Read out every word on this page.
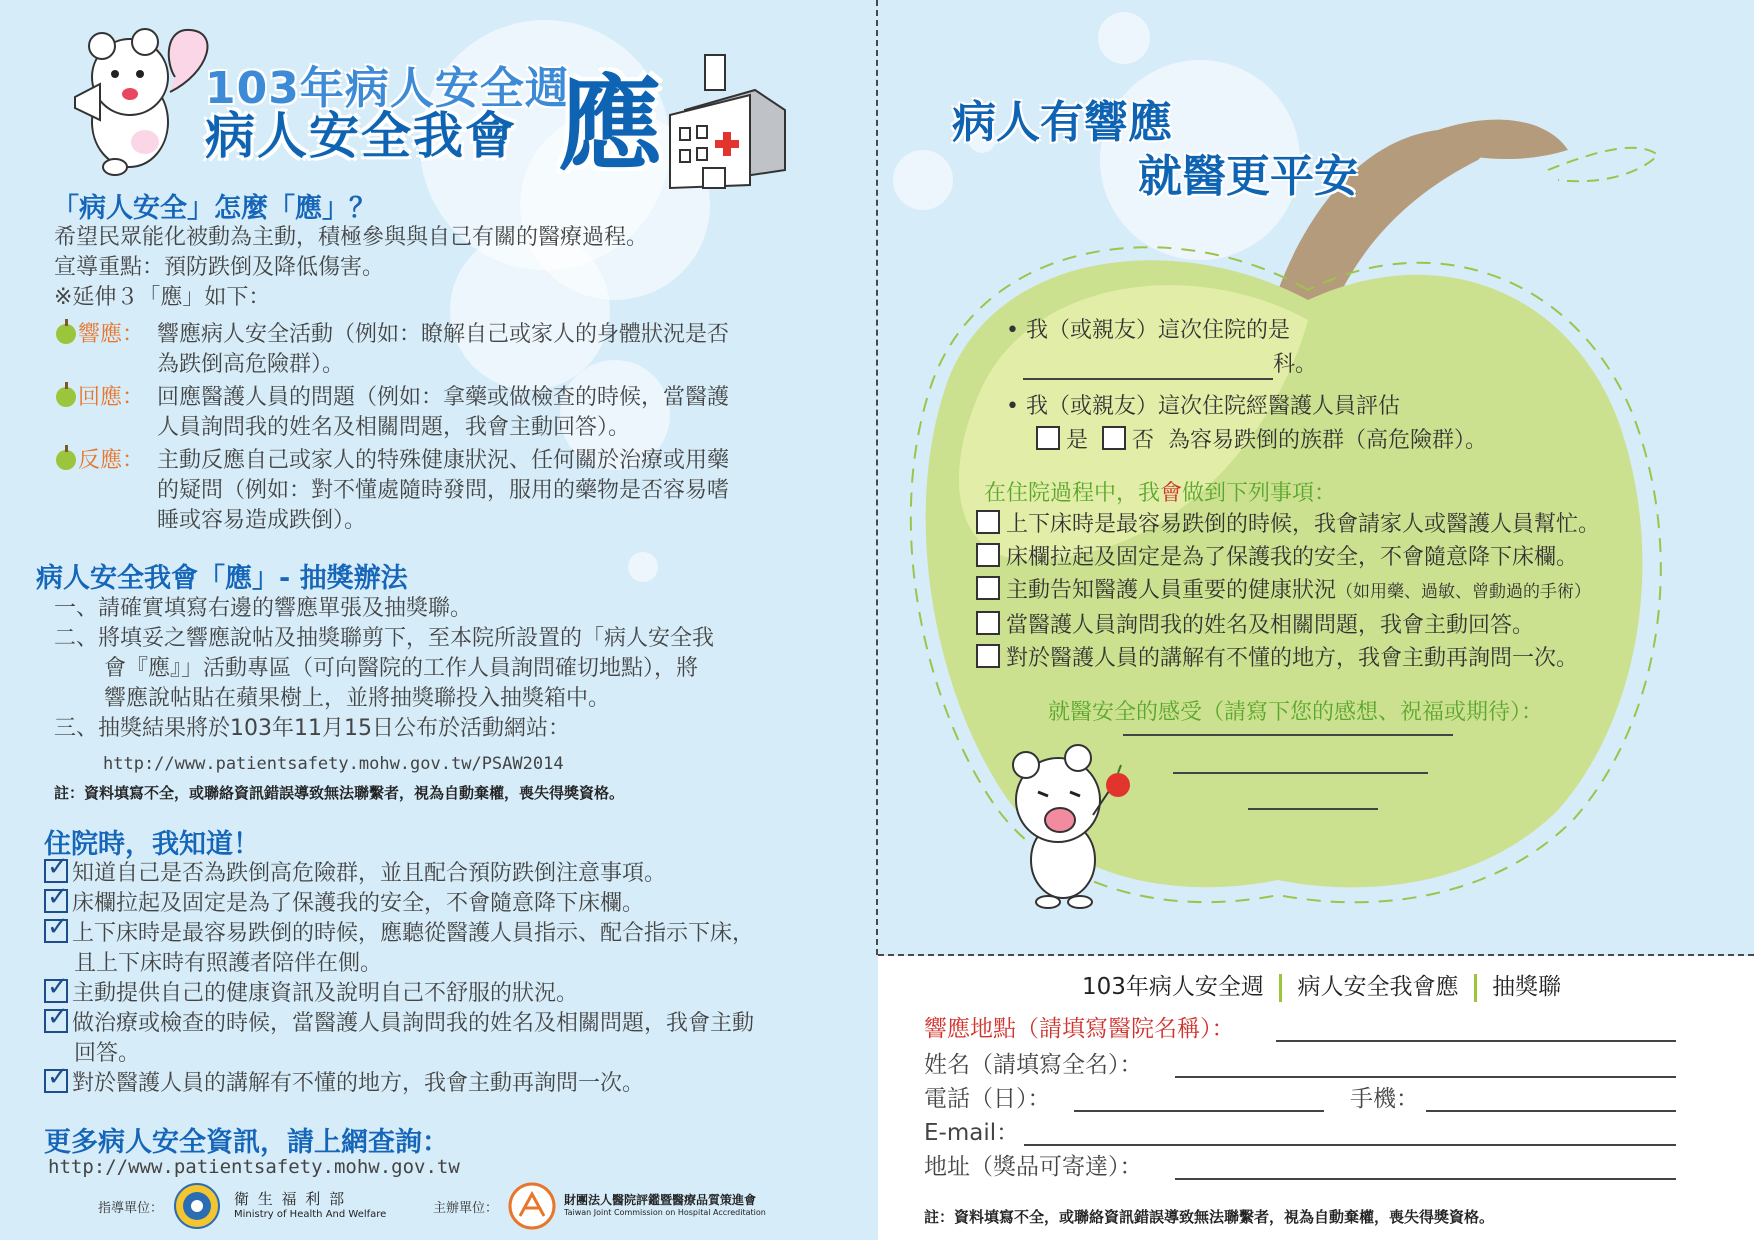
103年病人安全週
病人安全我會 應
「病人安全」怎麼「應」？
希望民眾能化被動為主動，積極參與與自己有關的醫療過程。
宣導重點：預防跌倒及降低傷害。
※延伸３「應」如下：
響應： 響應病人安全活動（例如：瞭解自己或家人的身體狀況是否
為跌倒高危險群）。
回應： 回應醫護人員的問題（例如：拿藥或做檢查的時候，當醫護
人員詢問我的姓名及相關問題，我會主動回答）。
反應： 主動反應自己或家人的特殊健康狀況、任何關於治療或用藥
的疑問（例如：對不懂處隨時發問，服用的藥物是否容易嗜
睡或容易造成跌倒）。
病人安全我會「應」- 抽獎辦法
一、請確實填寫右邊的響應單張及抽獎聯。
二、將填妥之響應說帖及抽獎聯剪下，至本院所設置的「病人安全我
會『應』」活動專區（可向醫院的工作人員詢問確切地點），將
響應說帖貼在蘋果樹上，並將抽獎聯投入抽獎箱中。
三、抽獎結果將於103年11月15日公布於活動網站：
http://www.patientsafety.mohw.gov.tw/PSAW2014
註：資料填寫不全，或聯絡資訊錯誤導致無法聯繫者，視為自動棄權，喪失得獎資格。
住院時，我知道！
✓知道自己是否為跌倒高危險群，並且配合預防跌倒注意事項。
✓床欄拉起及固定是為了保護我的安全，不會隨意降下床欄。
✓上下床時是最容易跌倒的時候，應聽從醫護人員指示、配合指示下床，
且上下床時有照護者陪伴在側。
✓主動提供自己的健康資訊及說明自己不舒服的狀況。
✓做治療或檢查的時候，當醫護人員詢問我的姓名及相關問題，我會主動
回答。
✓對於醫護人員的講解有不懂的地方，我會主動再詢問一次。
更多病人安全資訊，請上網查詢：
http://www.patientsafety.mohw.gov.tw
指導單位：
衛 生 福 利 部
Ministry of Health And Welfare	主辦單位：
財團法人醫院評鑑暨醫療品質策進會
Taiwan Joint Commission on Hospital Accreditation
病人有響應
就醫更平安
• 我（或親友）這次住院的是
科。
• 我（或親友）這次住院經醫護人員評估
是 否 為容易跌倒的族群（高危險群）。
在住院過程中，我會做到下列事項：
上下床時是最容易跌倒的時候，我會請家人或醫護人員幫忙。
床欄拉起及固定是為了保護我的安全，不會隨意降下床欄。
主動告知醫護人員重要的健康狀況（如用藥、過敏、曾動過的手術）
當醫護人員詢問我的姓名及相關問題，我會主動回答。
對於醫護人員的講解有不懂的地方，我會主動再詢問一次。
就醫安全的感受（請寫下您的感想、祝福或期待）：
103年病人安全週 病人安全我會應 抽獎聯
響應地點（請填寫醫院名稱）：
姓名（請填寫全名）：
電話（日）：	手機：
E-mail：
地址（獎品可寄達）：
註：資料填寫不全，或聯絡資訊錯誤導致無法聯繫者，視為自動棄權，喪失得獎資格。
